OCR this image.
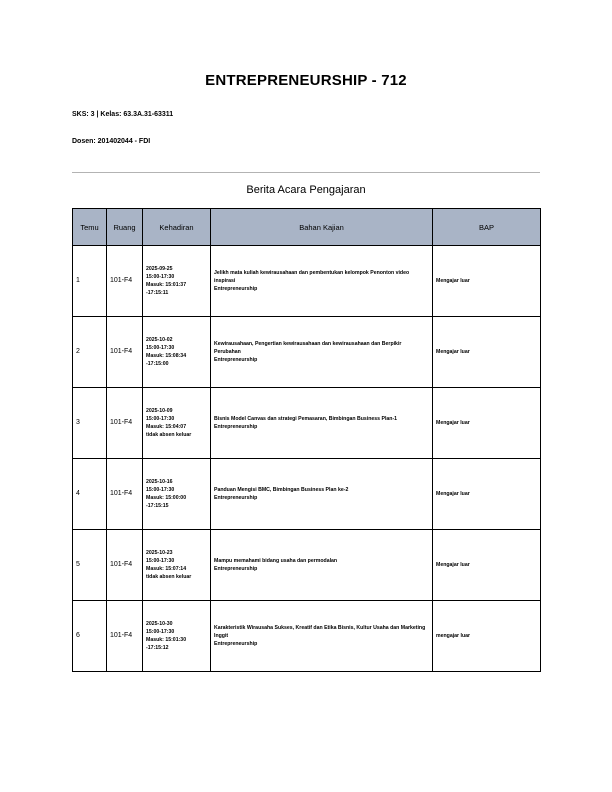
ENTREPRENEURSHIP - 712
SKS: 3 | Kelas: 63.3A.31-63311
Dosen: 201402044 - FDI
Berita Acara Pengajaran
Temu	Ruang	Kehadiran	Bahan Kajian	BAP
1	101-F4	2025-09-25
15:00-17:30
Masuk: 15:01:37
-17:15:11	Jelikh mata kuliah kewirausahaan dan pembentukan kelompok Penonton video inspirasi
Entrepreneurship	Mengajar luar
2	101-F4	2025-10-02
15:00-17:30
Masuk: 15:08:34
-17:15:00	Kewirausahaan, Pengertian kewirausahaan dan kewirausahaan dan Berpikir Perubahan
Entrepreneurship	Mengajar luar
3	101-F4	2025-10-09
15:00-17:30
Masuk: 15:04:07
tidak absen keluar	Bisnis Model Canvas dan strategi Pemasaran, Bimbingan Business Plan-1
Entrepreneurship	Mengajar luar
4	101-F4	2025-10-16
15:00-17:30
Masuk: 15:00:00
-17:15:15	Panduan Mengisi BMC, Bimbingan Business Plan ke-2
Entrepreneurship	Mengajar luar
5	101-F4	2025-10-23
15:00-17:30
Masuk: 15:07:14
tidak absen keluar	Mampu memahami bidang usaha dan permodalan
Entrepreneurship	Mengajar luar
6	101-F4	2025-10-30
15:00-17:30
Masuk: 15:01:30
-17:15:12	Karakteristik Wirausaha Sukses, Kreatif dan Etika Bisnis, Kultur Usaha dan Marketing Inggit
Entrepreneurship	mengajar luar
